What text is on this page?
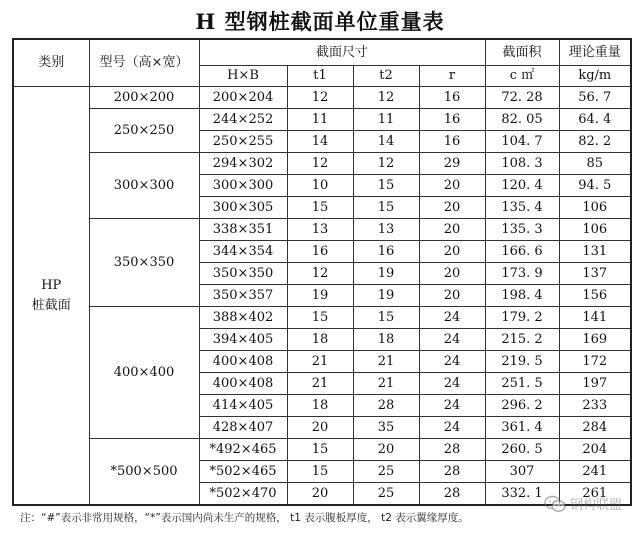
H 型钢桩截面单位重量表
类别	型号（高×宽）	截面尺寸				截面积	理论重量
		H×B	t1	t2	r	c ㎡	kg/m

HP
桩截面	200×200	200×204	12	12	16	72. 28	56. 7
	250×250	244×252	11	11	16	82. 05	64. 4
		250×255	14	14	16	104. 7	82. 2
	300×300	294×302	12	12	29	108. 3	85
		300×300	10	15	20	120. 4	94. 5
		300×305	15	15	20	135. 4	106
	350×350	338×351	13	13	20	135. 3	106
		344×354	16	16	20	166. 6	131
		350×350	12	19	20	173. 9	137
		350×357	19	19	20	198. 4	156
	400×400	388×402	15	15	24	179. 2	141
		394×405	18	18	24	215. 2	169
		400×408	21	21	24	219. 5	172
		400×408	21	21	24	251. 5	197
		414×405	18	28	24	296. 2	233
		428×407	20	35	24	361. 4	284
	*500×500	*492×465	15	20	28	260. 5	204
		*502×465	15	25	28	307	241
		*502×470	20	25	28	332. 1	261
注：“#”表示非常用规格，“*”表示国内尚未生产的规格， t1 表示腹板厚度， t2 表示翼缘厚度。
钢构联盟
